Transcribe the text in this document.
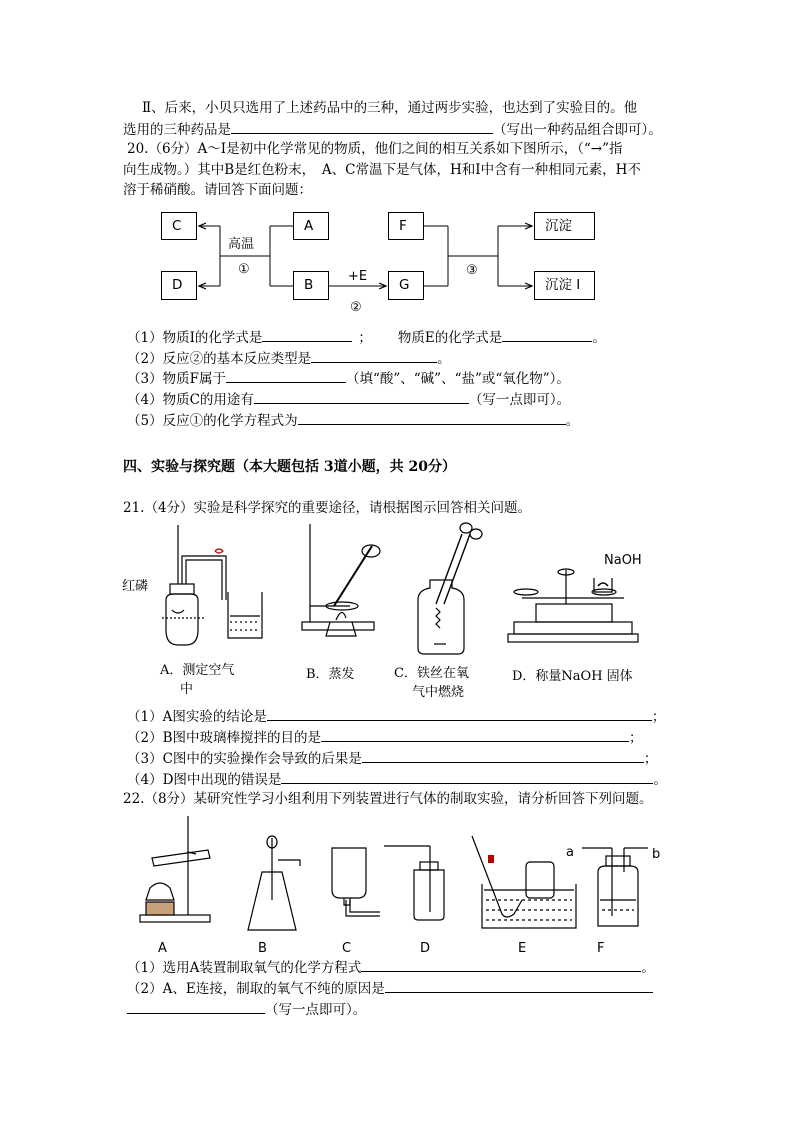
Ⅱ、后来，小贝只选用了上述药品中的三种，通过两步实验，也达到了实验目的。他
选用的三种药品是	（写出一种药品组合即可）。
20.（6分）A～I是初中化学常见的物质，他们之间的相互关系如下图所示，（“→”指
向生成物。）其中B是红色粉末，　A、C常温下是气体，H和I中含有一种相同元素，H不
溶于稀硝酸。请回答下面问题：
C
D
A
B
F
G
沉淀
沉淀 I
高温
①	+E
②
③
（1）物质I的化学式是	； 物质E的化学式是	。
（2）反应②的基本反应类型是	。
（3）物质F属于	（填“酸”、“碱”、“盐”或“氧化物”）。
（4）物质C的用途有	（写一点即可）。
（5）反应①的化学方程式为	。
四、实验与探究题（本大题包括 3道小题，共 20分）
21.（4分）实验是科学探究的重要途径，请根据图示回答相关问题。
红磷
NaOH
A．测定空气
中
B．蒸发	C．铁丝在氧
气中燃烧
D．称量NaOH 固体
（1）A图实验的结论是	；
（2）B图中玻璃棒搅拌的目的是	；
（3）C图中的实验操作会导致的后果是	；
（4）D图中出现的错误是	。
22.（8分）某研究性学习小组利用下列装置进行气体的制取实验，请分析回答下列问题。
A	B	C	D	E	F
a	b
（1）选用A装置制取氧气的化学方程式	。
（2）A、E连接，制取的氧气不纯的原因是
（写一点即可）。
